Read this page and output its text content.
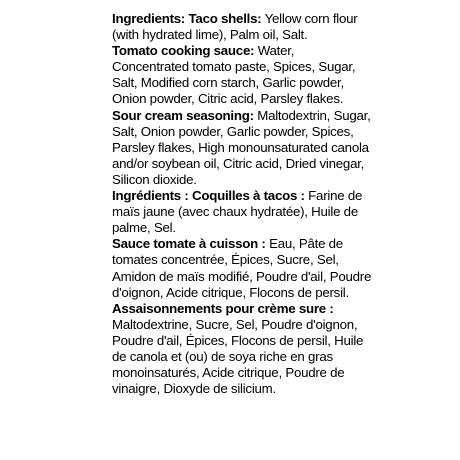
Ingredients: Taco shells: Yellow corn flour (with hydrated lime), Palm oil, Salt.

Tomato cooking sauce: Water, Concentrated tomato paste, Spices, Sugar, Salt, Modified corn starch, Garlic powder, Onion powder, Citric acid, Parsley flakes.

Sour cream seasoning: Maltodextrin, Sugar, Salt, Onion powder, Garlic powder, Spices, Parsley flakes, High monounsaturated canola and/or soybean oil, Citric acid, Dried vinegar, Silicon dioxide.

Ingrédients : Coquilles à tacos : Farine de maïs jaune (avec chaux hydratée), Huile de palme, Sel.

Sauce tomate à cuisson : Eau, Pâte de tomates concentrée, Épices, Sucre, Sel, Amidon de maïs modifié, Poudre d'ail, Poudre d'oignon, Acide citrique, Flocons de persil.

Assaisonnements pour crème sure : Maltodextrine, Sucre, Sel, Poudre d'oignon, Poudre d'ail, Épices, Flocons de persil, Huile de canola et (ou) de soya riche en gras monoinsaturés, Acide citrique, Poudre de vinaigre, Dioxyde de silicium.
